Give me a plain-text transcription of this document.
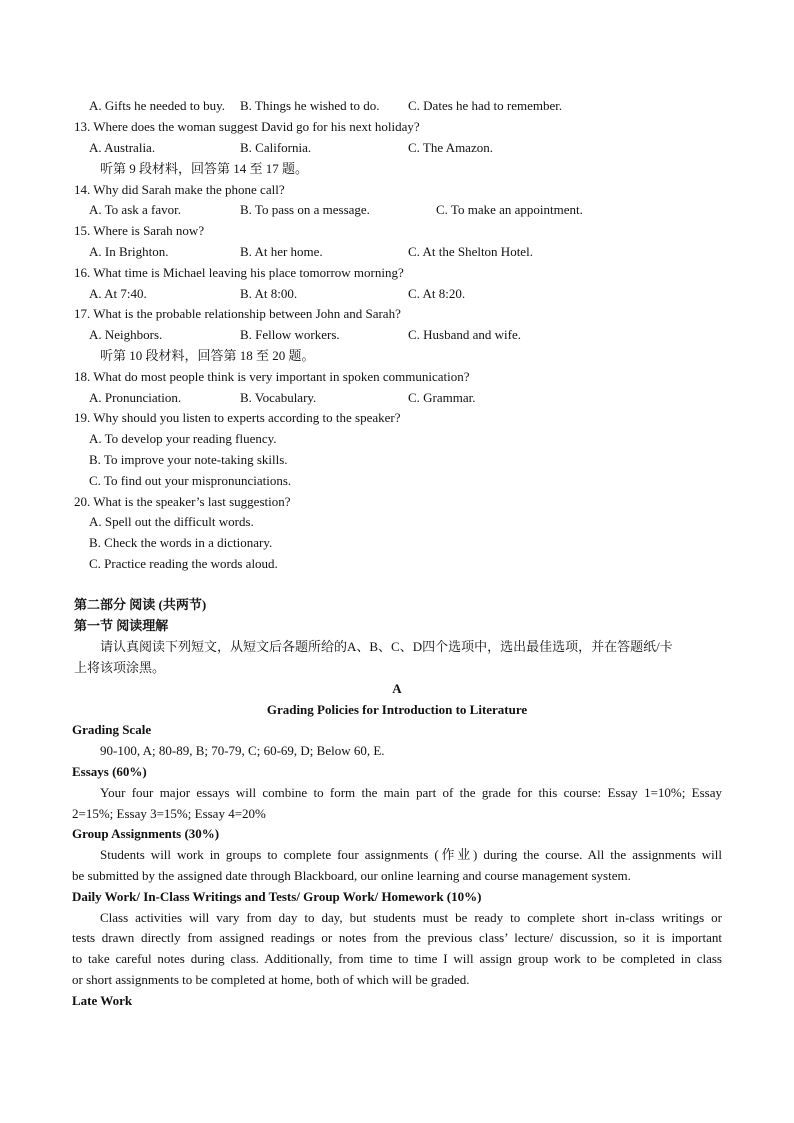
A. Gifts he needed to buy. B. Things he wished to do. C. Dates he had to remember.
13. Where does the woman suggest David go for his next holiday?
A. Australia.	B. California.	C. The Amazon.
听第 9 段材料，回答第 14 至 17 题。
14. Why did Sarah make the phone call?
A. To ask a favor.	B. To pass on a message.	C. To make an appointment.
15. Where is Sarah now?
A. In Brighton.	B. At her home.	C. At the Shelton Hotel.
16. What time is Michael leaving his place tomorrow morning?
A. At 7:40.	B. At 8:00.	C. At 8:20.
17. What is the probable relationship between John and Sarah?
A. Neighbors.	B. Fellow workers.	C. Husband and wife.
听第 10 段材料，回答第 18 至 20 题。
18. What do most people think is very important in spoken communication?
A. Pronunciation.	B. Vocabulary.	C. Grammar.
19. Why should you listen to experts according to the speaker?
A. To develop your reading fluency.
B. To improve your note-taking skills.
C. To find out your mispronunciations.
20. What is the speaker’s last suggestion?
A. Spell out the difficult words.
B. Check the words in a dictionary.
C. Practice reading the words aloud.
第二部分 阅读 (共两节)
第一节 阅读理解
请认真阅读下列短文，从短文后各题所给的A、B、C、D四个选项中，选出最佳选项，并在答题纸/卡
上将该项涂黑。
A
Grading Policies for Introduction to Literature
Grading Scale
90-100, A; 80-89, B; 70-79, C; 60-69, D; Below 60, E.
Essays (60%)
Your four major essays will combine to form the main part of the grade for this course: Essay 1=10%; Essay
2=15%; Essay 3=15%; Essay 4=20%
Group Assignments (30%)
Students will work in groups to complete four assignments (作业) during the course. All the assignments will
be submitted by the assigned date through Blackboard, our online learning and course management system.
Daily Work/ In-Class Writings and Tests/ Group Work/ Homework (10%)
Class activities will vary from day to day, but students must be ready to complete short in-class writings or
tests drawn directly from assigned readings or notes from the previous class’ lecture/ discussion, so it is important
to take careful notes during class. Additionally, from time to time I will assign group work to be completed in class
or short assignments to be completed at home, both of which will be graded.
Late Work
